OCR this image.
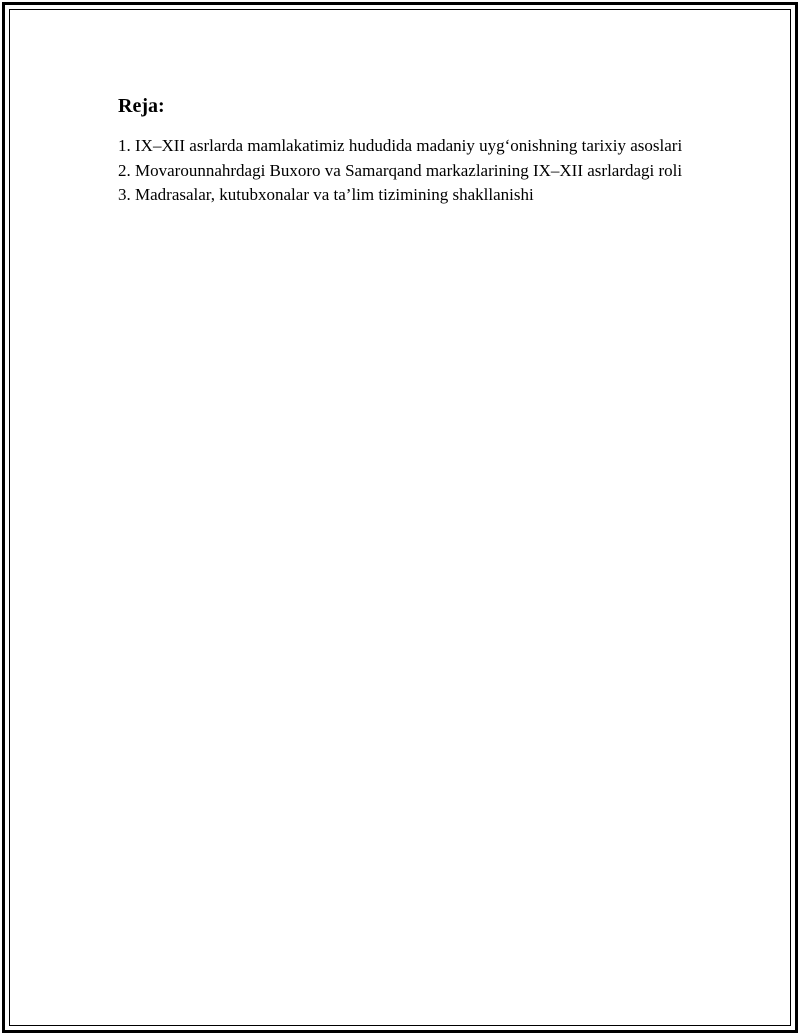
Reja:
1. IX–XII asrlarda mamlakatimiz hududida madaniy uyg‘onishning tarixiy asoslari
2. Movarounnahrdagi Buxoro va Samarqand markazlarining IX–XII asrlardagi roli
3. Madrasalar, kutubxonalar va ta’lim tizimining shakllanishi
